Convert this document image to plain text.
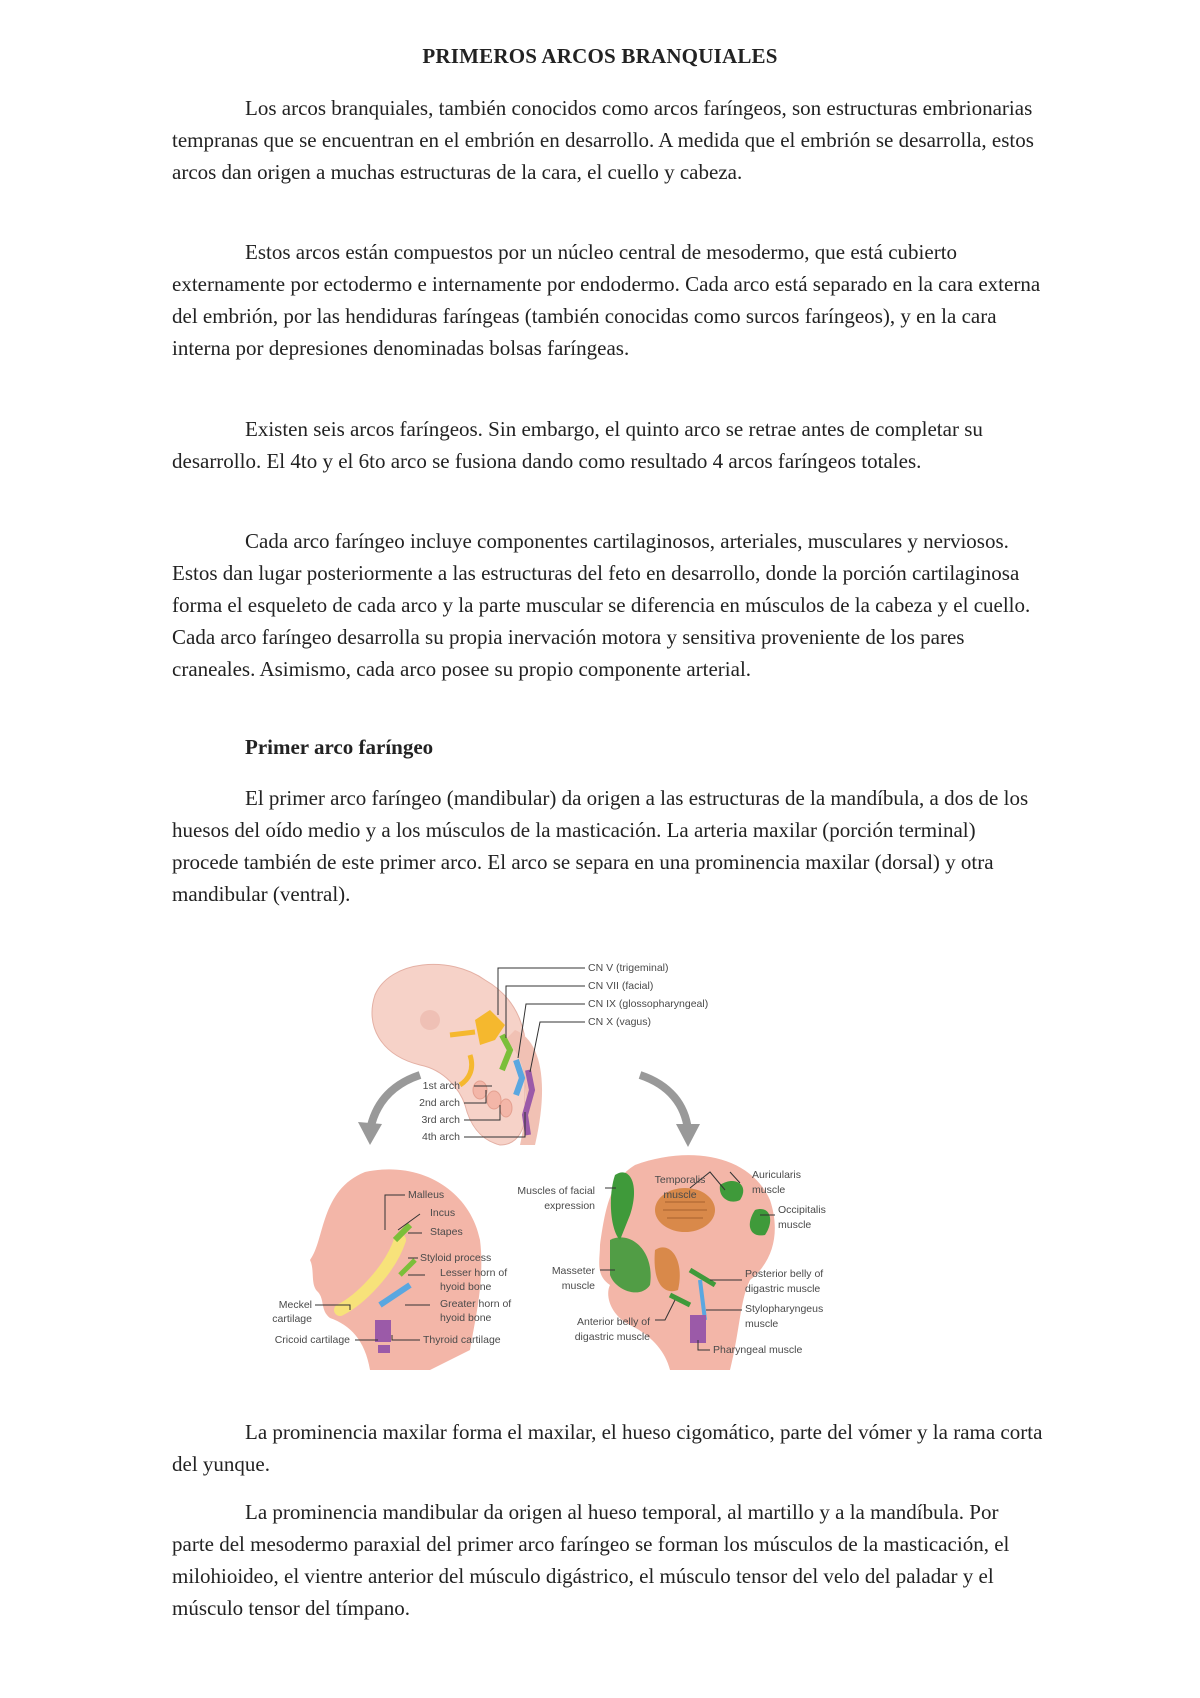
PRIMEROS ARCOS BRANQUIALES

Los arcos branquiales, también conocidos como arcos faríngeos, son estructuras embrionarias tempranas que se encuentran en el embrión en desarrollo. A medida que el embrión se desarrolla, estos arcos dan origen a muchas estructuras de la cara, el cuello y cabeza.

Estos arcos están compuestos por un núcleo central de mesodermo, que está cubierto externamente por ectodermo e internamente por endodermo. Cada arco está separado en la cara externa del embrión, por las hendiduras faríngeas (también conocidas como surcos faríngeos), y en la cara interna por depresiones denominadas bolsas faríngeas.

Existen seis arcos faríngeos. Sin embargo, el quinto arco se retrae antes de completar su desarrollo. El 4to y el 6to arco se fusiona dando como resultado 4 arcos faríngeos totales.

Cada arco faríngeo incluye componentes cartilaginosos, arteriales, musculares y nerviosos. Estos dan lugar posteriormente a las estructuras del feto en desarrollo, donde la porción cartilaginosa forma el esqueleto de cada arco y la parte muscular se diferencia en músculos de la cabeza y el cuello. Cada arco faríngeo desarrolla su propia inervación motora y sensitiva proveniente de los pares craneales. Asimismo, cada arco posee su propio componente arterial.

Primer arco faríngeo

El primer arco faríngeo (mandibular) da origen a las estructuras de la mandíbula, a dos de los huesos del oído medio y a los músculos de la masticación. La arteria maxilar (porción terminal) procede también de este primer arco. El arco se separa en una prominencia maxilar (dorsal) y otra mandibular (ventral).

CN V (trigeminal)
CN VII (facial)
CN IX (glossopharyngeal)
CN X (vagus)
1st arch
2nd arch
3rd arch
4th arch
Malleus
Incus
Stapes
Styloid process
Lesser horn of
hyoid bone
Greater horn of
hyoid bone
Meckel
cartilage
Cricoid cartilage	Thyroid cartilage
Muscles of facial
expression
Temporalis
muscle
Auricularis
muscle
Occipitalis
muscle
Masseter
muscle
Posterior belly of
digastric muscle
Stylopharyngeus
muscle
Anterior belly of
digastric muscle
Pharyngeal muscle

La prominencia maxilar forma el maxilar, el hueso cigomático, parte del vómer y la rama corta del yunque.

La prominencia mandibular da origen al hueso temporal, al martillo y a la mandíbula. Por parte del mesodermo paraxial del primer arco faríngeo se forman los músculos de la masticación, el milohioideo, el vientre anterior del músculo digástrico, el músculo tensor del velo del paladar y el músculo tensor del tímpano.
